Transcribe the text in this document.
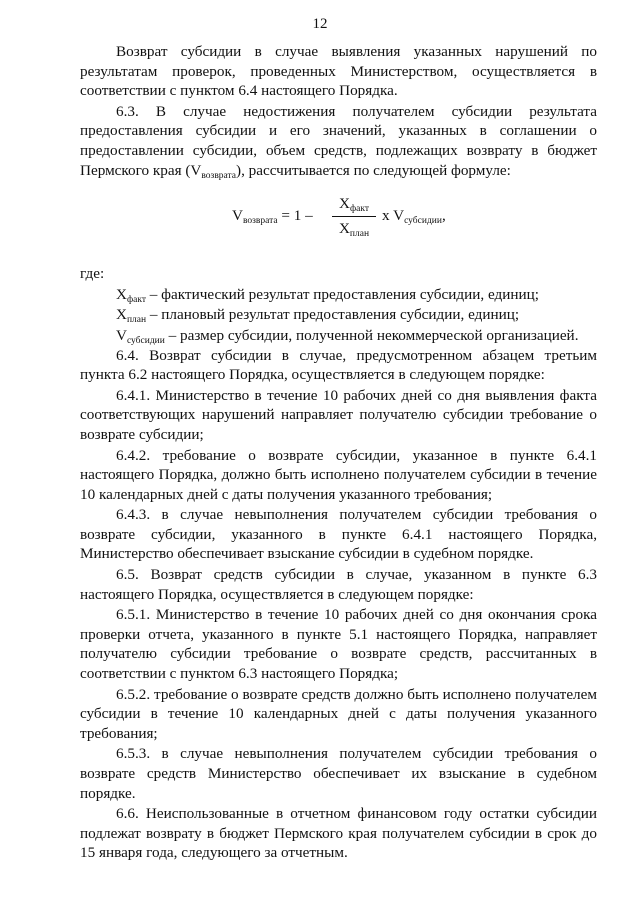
12

Возврат субсидии в случае выявления указанных нарушений по результатам проверок, проведенных Министерством, осуществляется в соответствии с пунктом 6.4 настоящего Порядка.

6.3. В случае недостижения получателем субсидии результата предоставления субсидии и его значений, указанных в соглашении о предоставлении субсидии, объем средств, подлежащих возврату в бюджет Пермского края $(V_{возврата})$, рассчитывается по следующей формуле:

$V_{возврата} = 1$ –
$X_{факт}$
$X_{план}$
x $V_{субсидии}$,

где:

$X_{факт}$ – фактический результат предоставления субсидии, единиц;

$X_{план}$ – плановый результат предоставления субсидии, единиц;

$V_{субсидии}$ – размер субсидии, полученной некоммерческой организацией.

6.4. Возврат субсидии в случае, предусмотренном абзацем третьим пункта 6.2 настоящего Порядка, осуществляется в следующем порядке:

6.4.1. Министерство в течение 10 рабочих дней со дня выявления факта соответствующих нарушений направляет получателю субсидии требование о возврате субсидии;

6.4.2. требование о возврате субсидии, указанное в пункте 6.4.1 настоящего Порядка, должно быть исполнено получателем субсидии в течение 10 календарных дней с даты получения указанного требования;

6.4.3. в случае невыполнения получателем субсидии требования о возврате субсидии, указанного в пункте 6.4.1 настоящего Порядка, Министерство обеспечивает взыскание субсидии в судебном порядке.

6.5. Возврат средств субсидии в случае, указанном в пункте 6.3 настоящего Порядка, осуществляется в следующем порядке:

6.5.1. Министерство в течение 10 рабочих дней со дня окончания срока проверки отчета, указанного в пункте 5.1 настоящего Порядка, направляет получателю субсидии требование о возврате средств, рассчитанных в соответствии с пунктом 6.3 настоящего Порядка;

6.5.2. требование о возврате средств должно быть исполнено получателем субсидии в течение 10 календарных дней с даты получения указанного требования;

6.5.3. в случае невыполнения получателем субсидии требования о возврате средств Министерство обеспечивает их взыскание в судебном порядке.

6.6. Неиспользованные в отчетном финансовом году остатки субсидии подлежат возврату в бюджет Пермского края получателем субсидии в срок до 15 января года, следующего за отчетным.
